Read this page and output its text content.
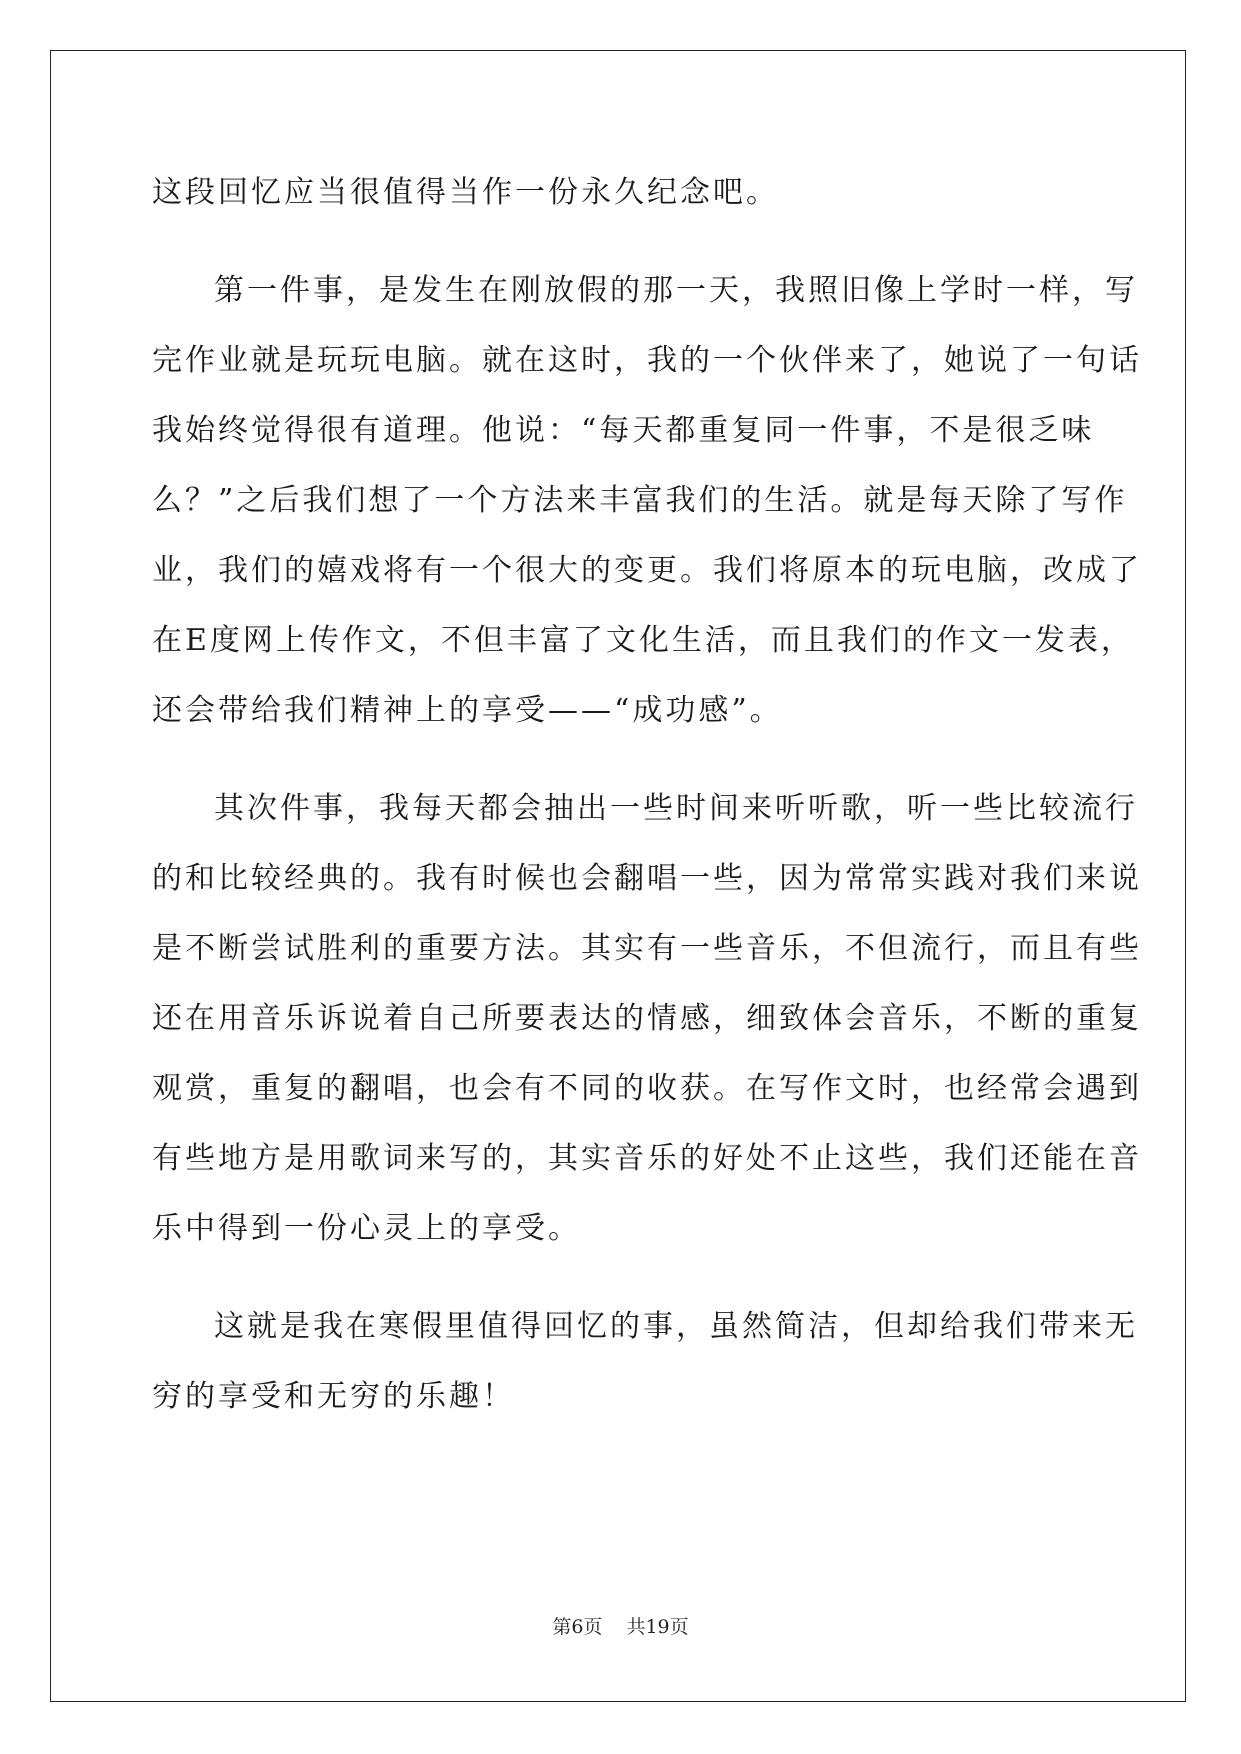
这段回忆应当很值得当作一份永久纪念吧。
第一件事，是发生在刚放假的那一天，我照旧像上学时一样，写
完作业就是玩玩电脑。就在这时，我的一个伙伴来了，她说了一句话
我始终觉得很有道理。他说：“每天都重复同一件事，不是很乏味
么？”之后我们想了一个方法来丰富我们的生活。就是每天除了写作
业，我们的嬉戏将有一个很大的变更。我们将原本的玩电脑，改成了
在E度网上传作文，不但丰富了文化生活，而且我们的作文一发表，
还会带给我们精神上的享受——“成功感”。
其次件事，我每天都会抽出一些时间来听听歌，听一些比较流行
的和比较经典的。我有时候也会翻唱一些，因为常常实践对我们来说
是不断尝试胜利的重要方法。其实有一些音乐，不但流行，而且有些
还在用音乐诉说着自己所要表达的情感，细致体会音乐，不断的重复
观赏，重复的翻唱，也会有不同的收获。在写作文时，也经常会遇到
有些地方是用歌词来写的，其实音乐的好处不止这些，我们还能在音
乐中得到一份心灵上的享受。
这就是我在寒假里值得回忆的事，虽然简洁，但却给我们带来无
穷的享受和无穷的乐趣！
第6页 共19页
